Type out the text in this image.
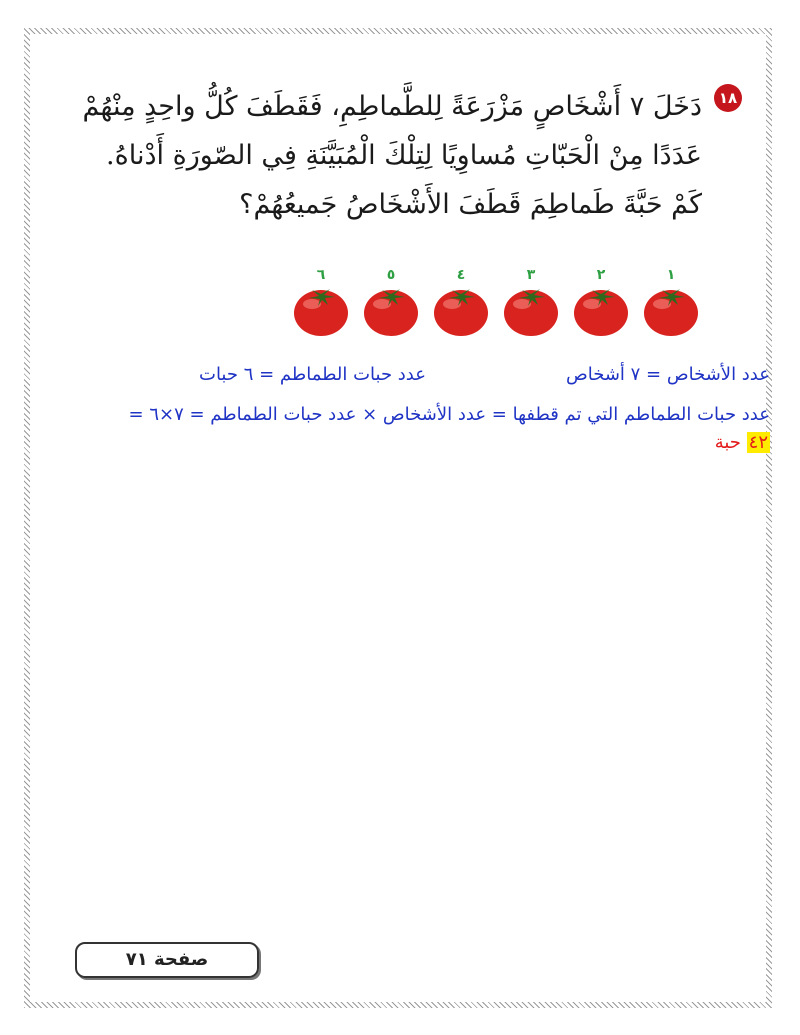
١٨
دَخَلَ ٧ أَشْخَاصٍ مَزْرَعَةً لِلطَّماطِمِ، فَقَطَفَ كُلُّ واحِدٍ مِنْهُمْ عَدَدًا مِنْ الْحَبّاتِ مُساوِيًا لِتِلْكَ الْمُبَيَّنَةِ فِي الصّورَةِ أَدْناهُ. كَمْ حَبَّةَ طَماطِمَ قَطَفَ الأَشْخَاصُ جَميعُهُمْ؟
١
٢
٣
٤
٥
٦
عدد الأشخاص = ٧ أشخاص
عدد حبات الطماطم = ٦ حبات
عدد حبات الطماطم التي تم قطفها = عدد الأشخاص × عدد حبات الطماطم = ٧×٦ =
٤٢ حبة
صفحة ٧١
